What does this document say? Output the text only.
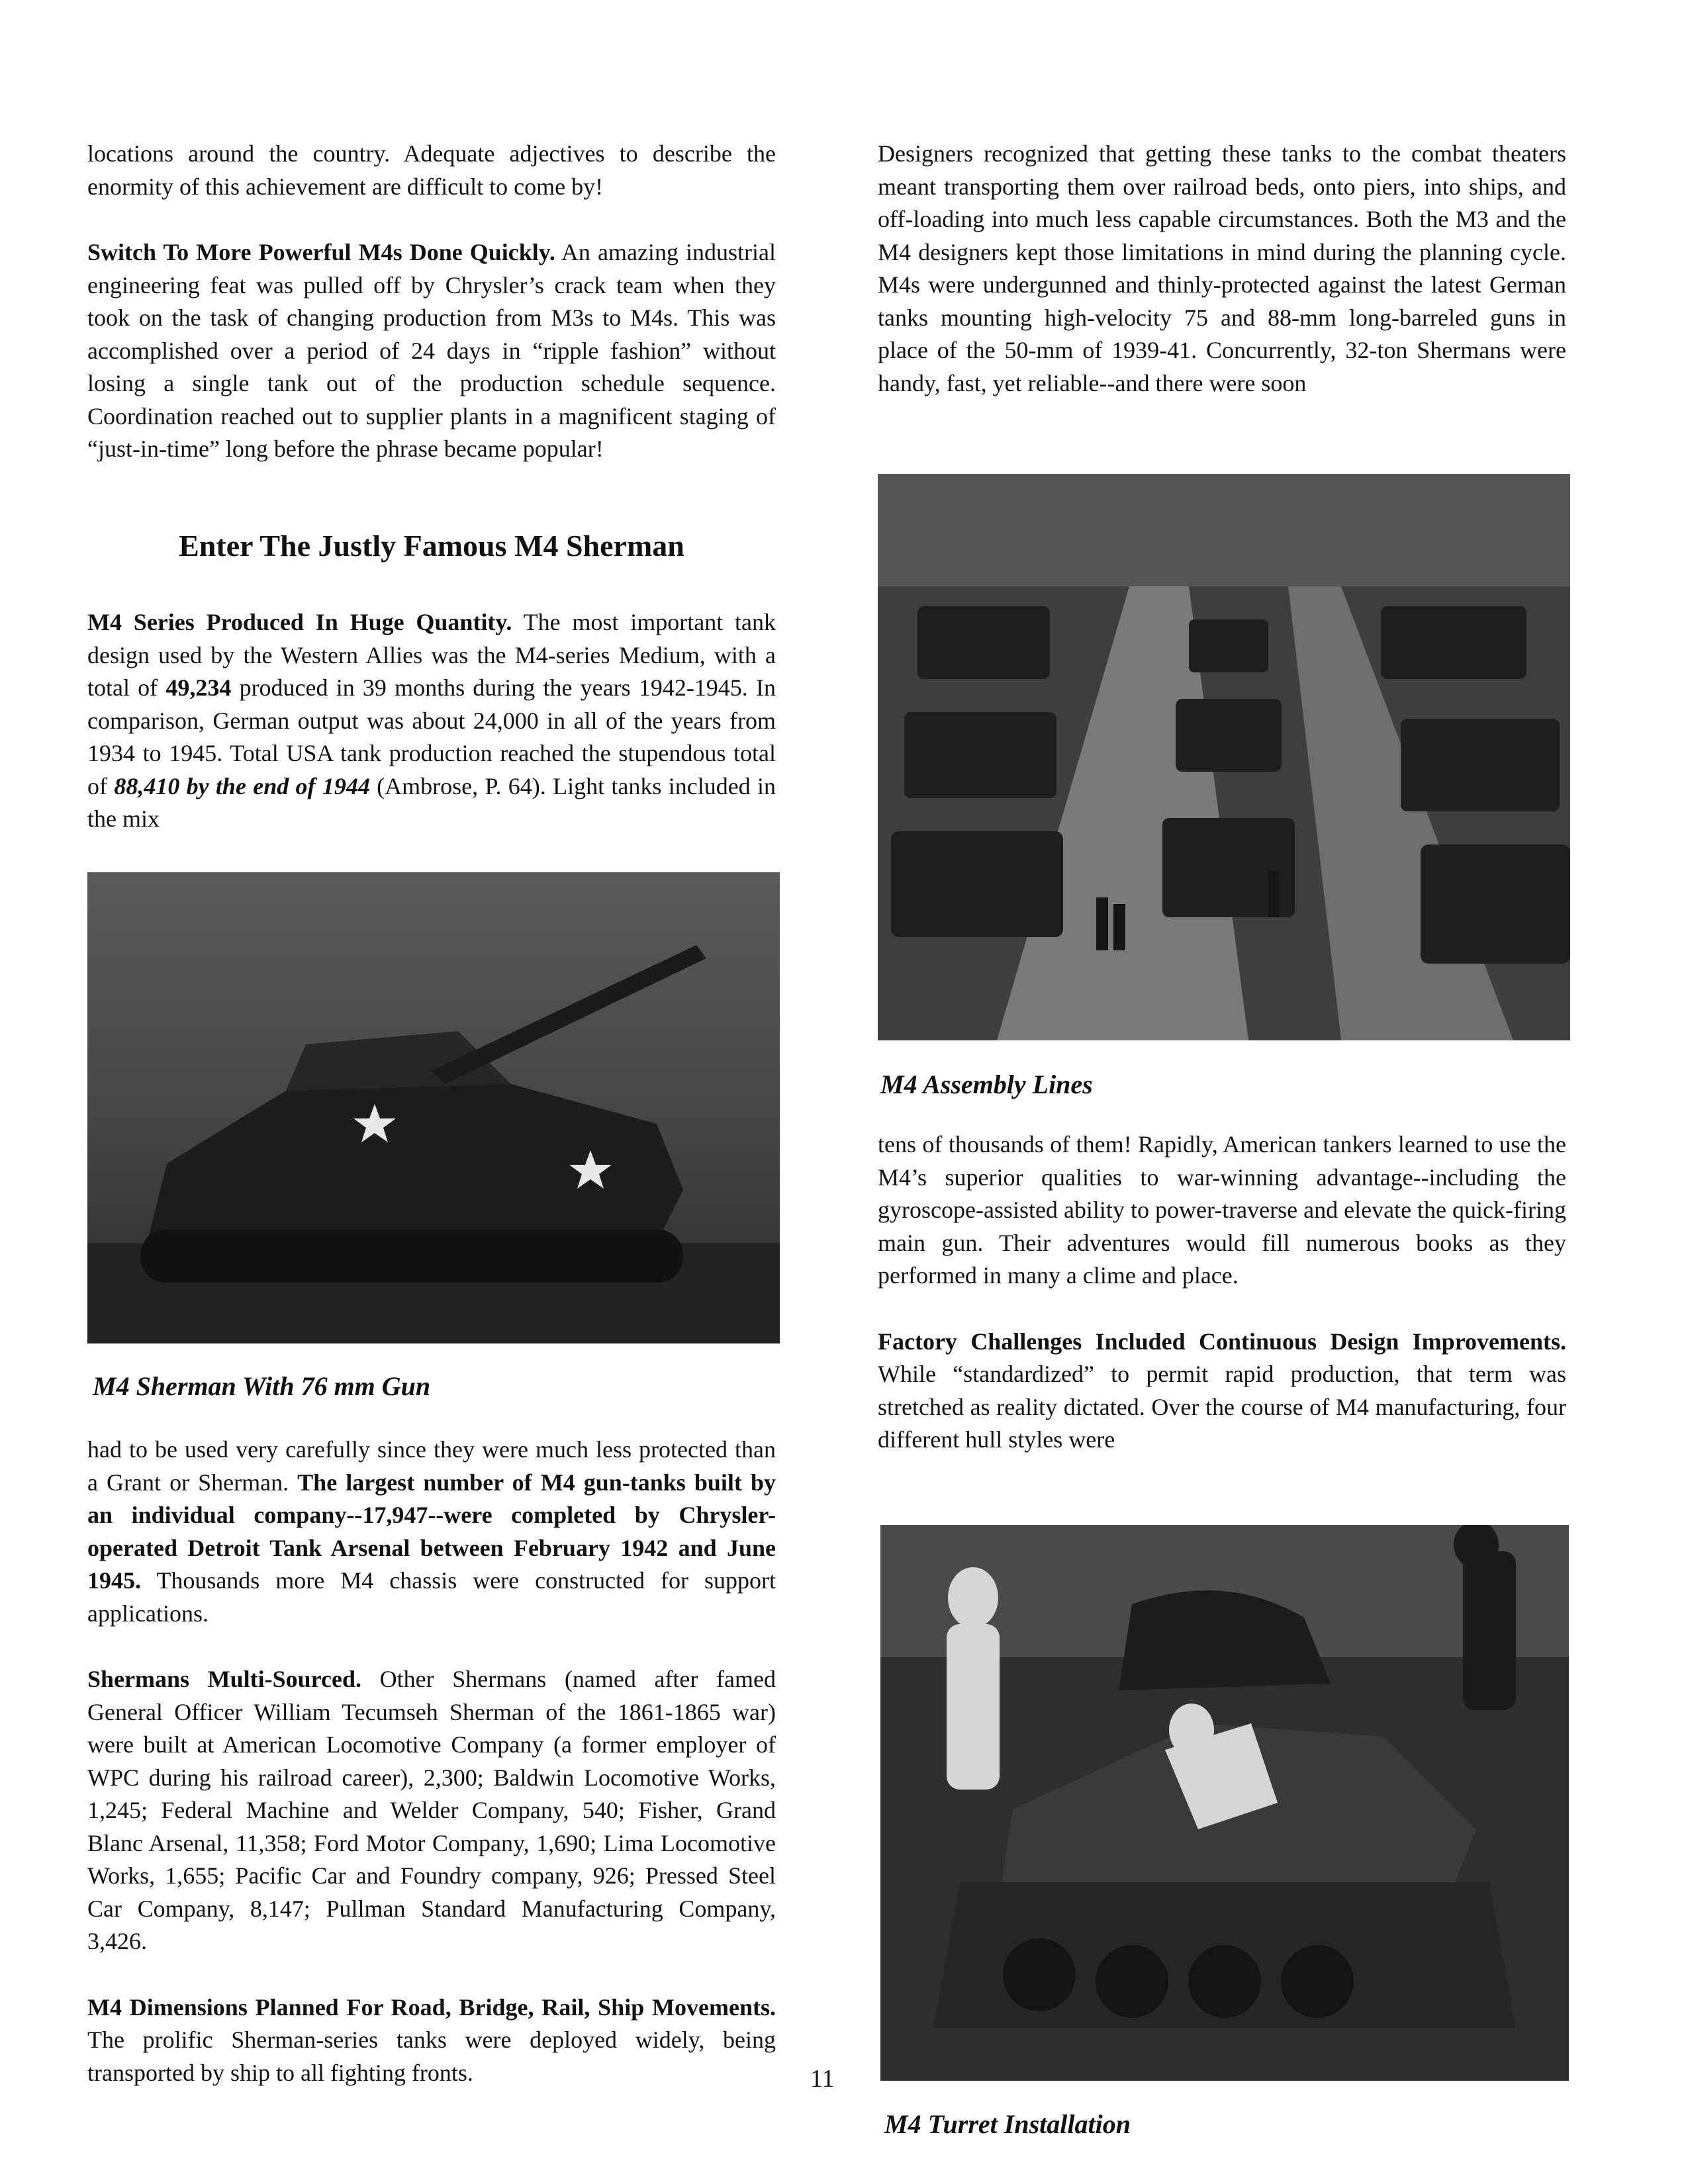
locations around the country. Adequate adjectives to describe the enormity of this achievement are difficult to come by!

Switch To More Powerful M4s Done Quickly. An amazing industrial engineering feat was pulled off by Chrysler’s crack team when they took on the task of changing production from M3s to M4s. This was accomplished over a period of 24 days in “ripple fashion” without losing a single tank out of the production schedule sequence. Coordination reached out to supplier plants in a magnificent staging of “just-in-time” long before the phrase became popular!

Enter The Justly Famous M4 Sherman

M4 Series Produced In Huge Quantity. The most important tank design used by the Western Allies was the M4-series Medium, with a total of 49,234 produced in 39 months during the years 1942-1945. In comparison, German output was about 24,000 in all of the years from 1934 to 1945. Total USA tank production reached the stupendous total of 88,410 by the end of 1944 (Ambrose, P. 64). Light tanks included in the mix

M4 Sherman With 76 mm Gun

had to be used very carefully since they were much less protected than a Grant or Sherman. The largest number of M4 gun-tanks built by an individual company--17,947--were completed by Chrysler-operated Detroit Tank Arsenal between February 1942 and June 1945. Thousands more M4 chassis were constructed for support applications.

Shermans Multi-Sourced. Other Shermans (named after famed General Officer William Tecumseh Sherman of the 1861-1865 war) were built at American Locomotive Company (a former employer of WPC during his railroad career), 2,300; Baldwin Locomotive Works, 1,245; Federal Machine and Welder Company, 540; Fisher, Grand Blanc Arsenal, 11,358; Ford Motor Company, 1,690; Lima Locomotive Works, 1,655; Pacific Car and Foundry company, 926; Pressed Steel Car Company, 8,147; Pullman Standard Manufacturing Company, 3,426.

M4 Dimensions Planned For Road, Bridge, Rail, Ship Movements. The prolific Sherman-series tanks were deployed widely, being transported by ship to all fighting fronts.

Designers recognized that getting these tanks to the combat theaters meant transporting them over railroad beds, onto piers, into ships, and off-loading into much less capable circumstances. Both the M3 and the M4 designers kept those limitations in mind during the planning cycle. M4s were undergunned and thinly-protected against the latest German tanks mounting high-velocity 75 and 88-mm long-barreled guns in place of the 50-mm of 1939-41. Concurrently, 32-ton Shermans were handy, fast, yet reliable--and there were soon

M4 Assembly Lines

tens of thousands of them! Rapidly, American tankers learned to use the M4’s superior qualities to war-winning advantage--including the gyroscope-assisted ability to power-traverse and elevate the quick-firing main gun. Their adventures would fill numerous books as they performed in many a clime and place.

Factory Challenges Included Continuous Design Improvements. While “standardized” to permit rapid production, that term was stretched as reality dictated. Over the course of M4 manufacturing, four different hull styles were

M4 Turret Installation
11
